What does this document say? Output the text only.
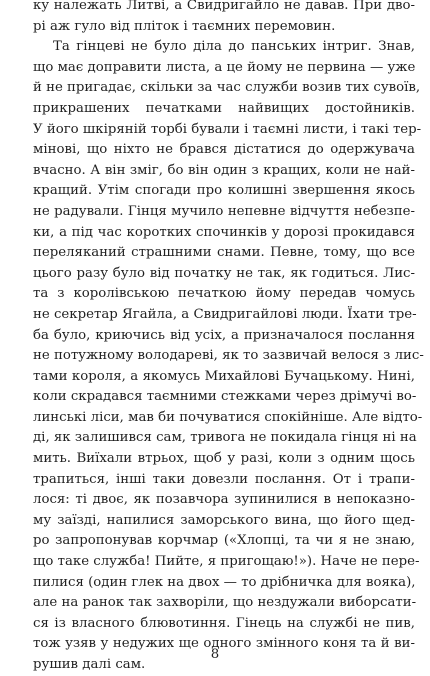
ку належать Литві, а Свидригайло не давав. При дво-
рі аж гуло від пліток і таємних перемовин.
Та гінцеві не було діла до панських інтриг. Знав,
що має доправити листа, а це йому не первина — уже
й не пригадає, скільки за час служби возив тих сувоїв,
прикрашених печатками найвищих достойників.
У його шкіряній торбі бували і таємні листи, і такі тер-
мінові, що ніхто не брався дістатися до одержувача
вчасно. А він зміг, бо він один з кращих, коли не най-
кращий. Утім спогади про колишні звершення якось
не радували. Гінця мучило непевне відчуття небезпе-
ки, а під час коротких спочинків у дорозі прокидався
переляканий страшними снами. Певне, тому, що все
цього разу було від початку не так, як годиться. Лис-
та з королівською печаткою йому передав чомусь
не секретар Ягайла, а Свидригайлові люди. Їхати тре-
ба було, криючись від усіх, а призначалося послання
не потужному володареві, як то зазвичай велося з лис-
тами короля, а якомусь Михайлові Бучацькому. Нині,
коли скрадався таємними стежками через дрімучі во-
линські ліси, мав би почуватися спокійніше. Але відто-
ді, як залишився сам, тривога не покидала гінця ні на
мить. Виїхали втрьох, щоб у разі, коли з одним щось
трапиться, інші таки довезли послання. От і трапи-
лося: ті двоє, як позавчора зупинилися в непоказно-
му заїзді, напилися заморського вина, що його щед-
ро запропонував корчмар («Хлопці, та чи я не знаю,
що таке служба! Пийте, я пригощаю!»). Наче не пере-
пилися (один глек на двох — то дрібничка для вояка),
але на ранок так захворіли, що нездужали виборсати-
ся із власного блювотиння. Гінець на службі не пив,
тож узяв у недужих ще одного змінного коня та й ви-
рушив далі сам.
8
